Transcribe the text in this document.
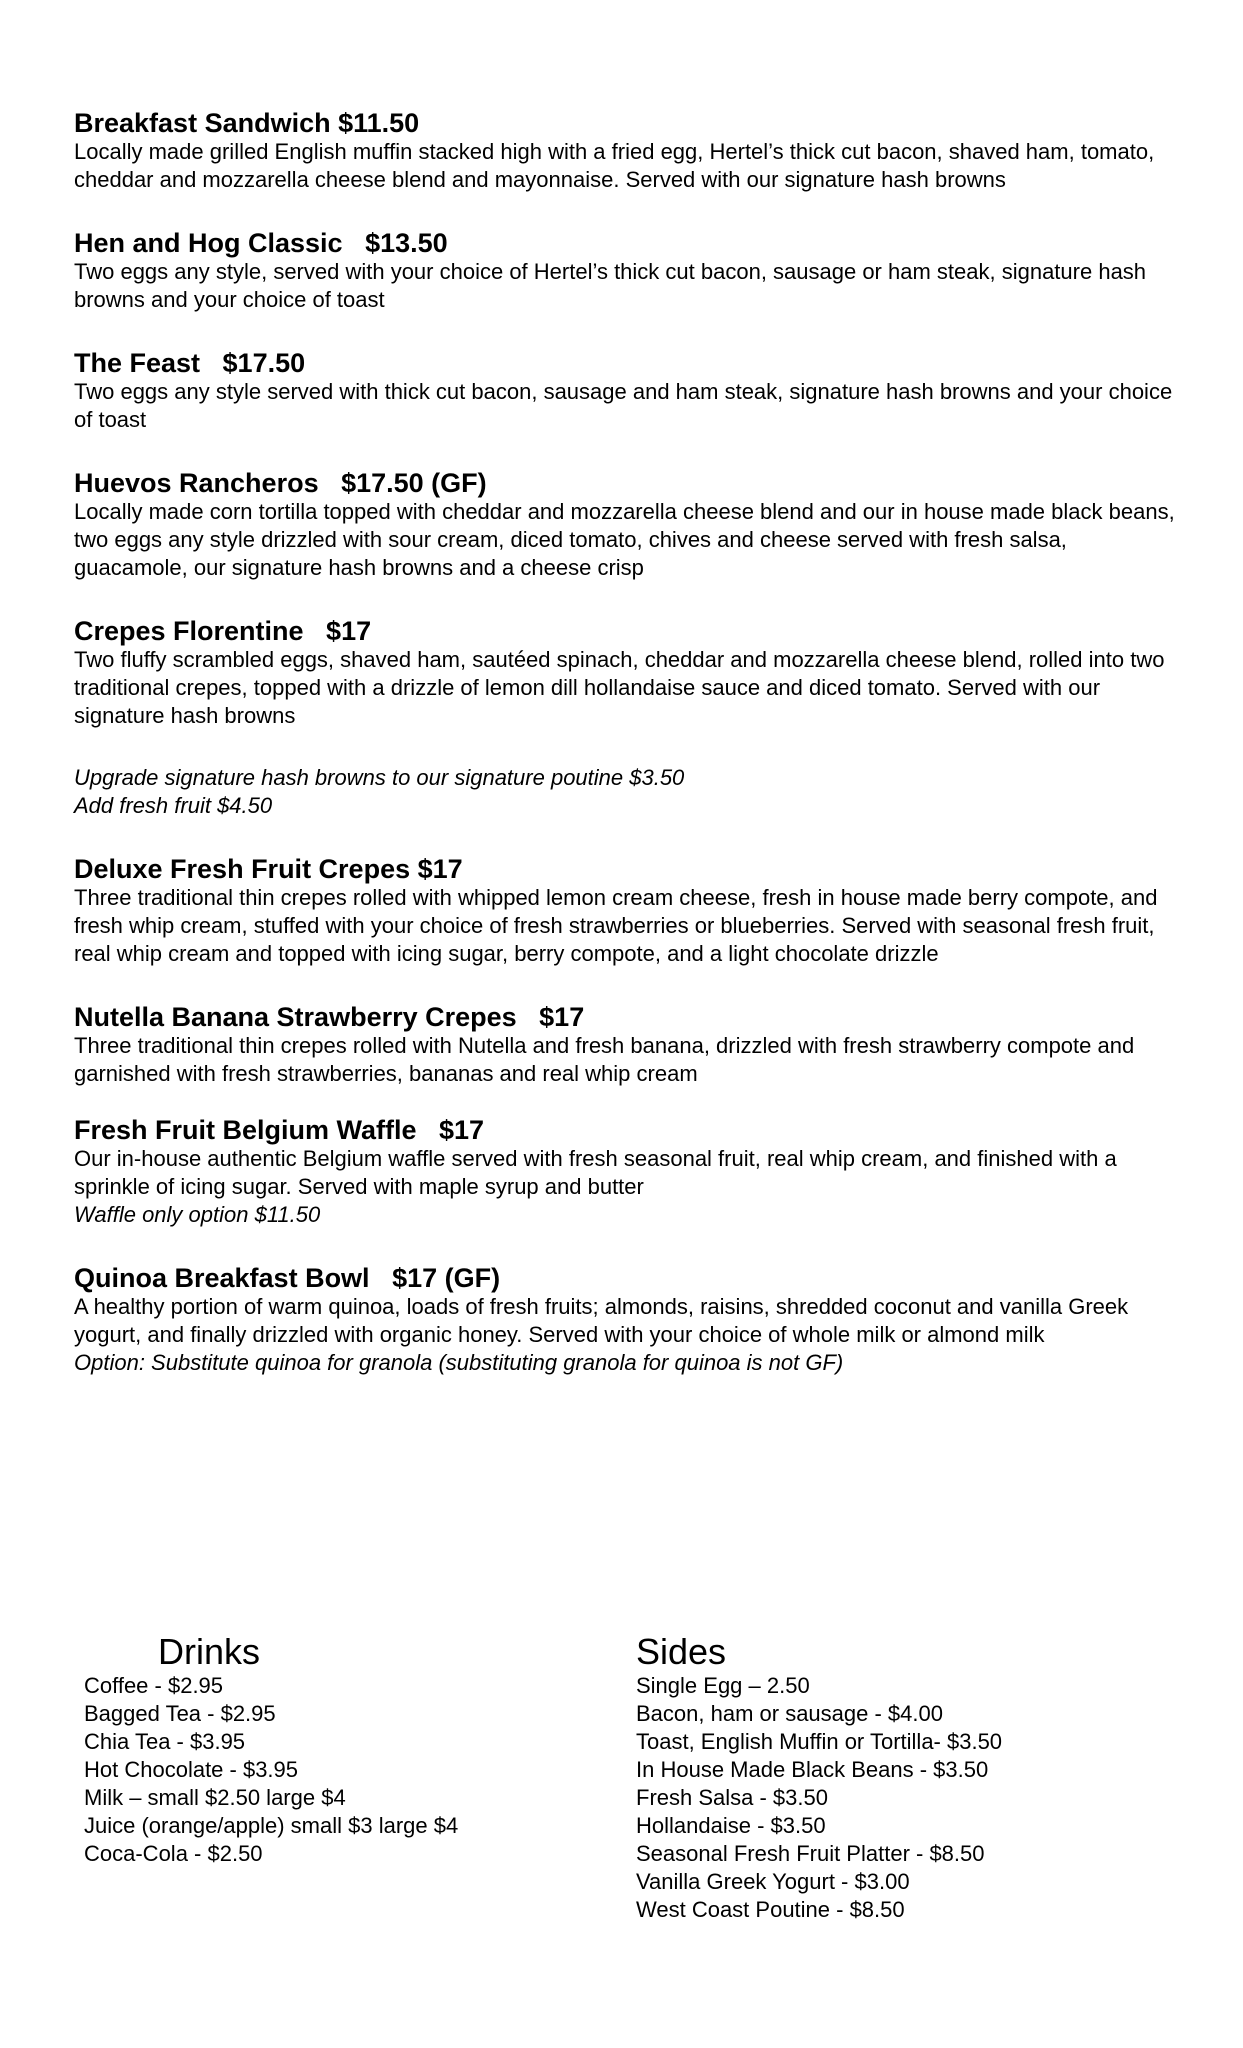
Breakfast Sandwich $11.50

Locally made grilled English muffin stacked high with a fried egg, Hertel’s thick cut bacon, shaved ham, tomato, cheddar and mozzarella cheese blend and mayonnaise. Served with our signature hash browns

Hen and Hog Classic   $13.50

Two eggs any style, served with your choice of Hertel’s thick cut bacon, sausage or ham steak, signature hash browns and your choice of toast

The Feast   $17.50

Two eggs any style served with thick cut bacon, sausage and ham steak, signature hash browns and your choice of toast

Huevos Rancheros   $17.50 (GF)

Locally made corn tortilla topped with cheddar and mozzarella cheese blend and our in house made black beans, two eggs any style drizzled with sour cream, diced tomato, chives and cheese served with fresh salsa, guacamole, our signature hash browns and a cheese crisp

Crepes Florentine   $17

Two fluffy scrambled eggs, shaved ham, sautéed spinach, cheddar and mozzarella cheese blend, rolled into two traditional crepes, topped with a drizzle of lemon dill hollandaise sauce and diced tomato. Served with our signature hash browns

Upgrade signature hash browns to our signature poutine $3.50

Add fresh fruit $4.50

Deluxe Fresh Fruit Crepes $17

Three traditional thin crepes rolled with whipped lemon cream cheese, fresh in house made berry compote, and fresh whip cream, stuffed with your choice of fresh strawberries or blueberries. Served with seasonal fresh fruit, real whip cream and topped with icing sugar, berry compote, and a light chocolate drizzle

Nutella Banana Strawberry Crepes   $17

Three traditional thin crepes rolled with Nutella and fresh banana, drizzled with fresh strawberry compote and garnished with fresh strawberries, bananas and real whip cream

Fresh Fruit Belgium Waffle   $17

Our in-house authentic Belgium waffle served with fresh seasonal fruit, real whip cream, and finished with a sprinkle of icing sugar. Served with maple syrup and butter

Waffle only option $11.50

Quinoa Breakfast Bowl   $17 (GF)

A healthy portion of warm quinoa, loads of fresh fruits; almonds, raisins, shredded coconut and vanilla Greek yogurt, and finally drizzled with organic honey. Served with your choice of whole milk or almond milk

Option: Substitute quinoa for granola (substituting granola for quinoa is not GF)

Drinks
Coffee - $2.95
Bagged Tea - $2.95
Chia Tea - $3.95
Hot Chocolate - $3.95
Milk – small $2.50 large $4
Juice (orange/apple) small $3 large $4
Coca-Cola - $2.50
Sides
Single Egg – 2.50
Bacon, ham or sausage - $4.00
Toast, English Muffin or Tortilla- $3.50
In House Made Black Beans - $3.50
Fresh Salsa - $3.50
Hollandaise - $3.50
Seasonal Fresh Fruit Platter - $8.50
Vanilla Greek Yogurt - $3.00
West Coast Poutine - $8.50
